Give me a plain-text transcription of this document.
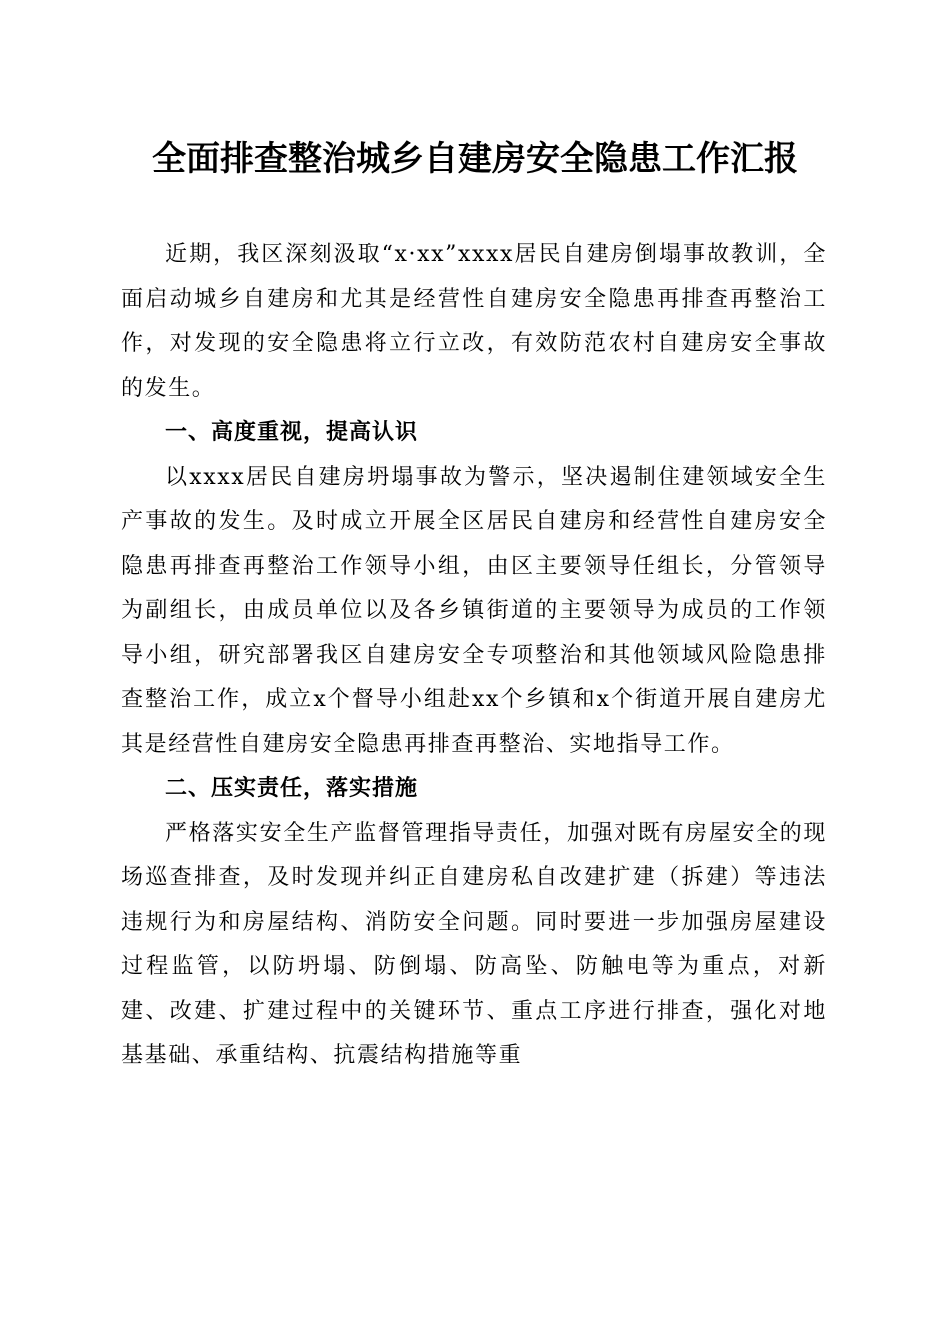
全面排查整治城乡自建房安全隐患工作汇报

近期，我区深刻汲取“x·xx”xxxx居民自建房倒塌事故教训，全面启动城乡自建房和尤其是经营性自建房安全隐患再排查再整治工作，对发现的安全隐患将立行立改，有效防范农村自建房安全事故的发生。

一、高度重视，提高认识

以xxxx居民自建房坍塌事故为警示，坚决遏制住建领域安全生产事故的发生。及时成立开展全区居民自建房和经营性自建房安全隐患再排查再整治工作领导小组，由区主要领导任组长，分管领导为副组长，由成员单位以及各乡镇街道的主要领导为成员的工作领导小组，研究部署我区自建房安全专项整治和其他领域风险隐患排查整治工作，成立x个督导小组赴xx个乡镇和x个街道开展自建房尤其是经营性自建房安全隐患再排查再整治、实地指导工作。

二、压实责任，落实措施

严格落实安全生产监督管理指导责任，加强对既有房屋安全的现场巡查排查，及时发现并纠正自建房私自改建扩建（拆建）等违法违规行为和房屋结构、消防安全问题。同时要进一步加强房屋建设过程监管，以防坍塌、防倒塌、防高坠、防触电等为重点，对新建、改建、扩建过程中的关键环节、重点工序进行排查，强化对地基基础、承重结构、抗震结构措施等重
